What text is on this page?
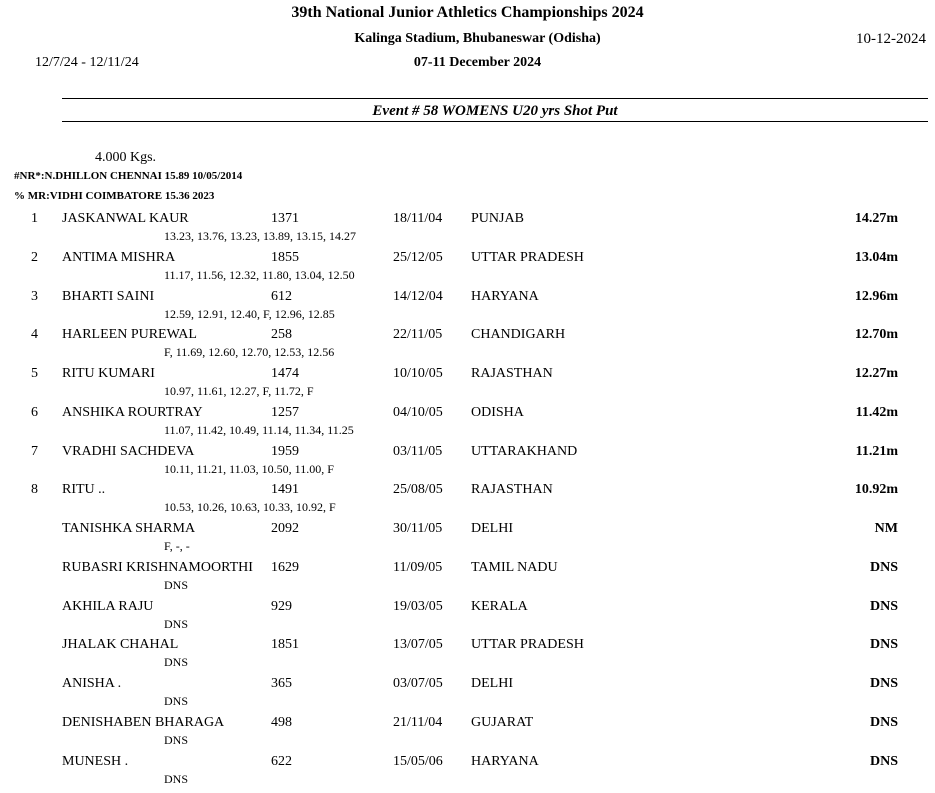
39th National Junior Athletics Championships 2024
Kalinga Stadium, Bhubaneswar (Odisha)	10-12-2024
12/7/24 - 12/11/24	07-11 December 2024
Event # 58 WOMENS U20 yrs Shot Put
4.000 Kgs.
#NR*:N.DHILLON CHENNAI 15.89 10/05/2014
% MR:VIDHI COIMBATORE 15.36 2023
1 JASKANWAL KAUR	1371	18/11/04 PUNJAB	14.27m
13.23, 13.76, 13.23, 13.89, 13.15, 14.27
2 ANTIMA MISHRA	1855	25/12/05 UTTAR PRADESH	13.04m
11.17, 11.56, 12.32, 11.80, 13.04, 12.50
3 BHARTI SAINI	612	14/12/04 HARYANA	12.96m
12.59, 12.91, 12.40, F, 12.96, 12.85
4 HARLEEN PUREWAL	258	22/11/05 CHANDIGARH	12.70m
F, 11.69, 12.60, 12.70, 12.53, 12.56
5 RITU KUMARI	1474	10/10/05 RAJASTHAN	12.27m
10.97, 11.61, 12.27, F, 11.72, F
6 ANSHIKA ROURTRAY	1257	04/10/05 ODISHA	11.42m
11.07, 11.42, 10.49, 11.14, 11.34, 11.25
7 VRADHI SACHDEVA	1959	03/11/05 UTTARAKHAND	11.21m
10.11, 11.21, 11.03, 10.50, 11.00, F
8 RITU ..	1491	25/08/05 RAJASTHAN	10.92m
10.53, 10.26, 10.63, 10.33, 10.92, F
TANISHKA SHARMA	2092	30/11/05 DELHI	NM
F, -, -
RUBASRI KRISHNAMOORTHI 1629	11/09/05 TAMIL NADU	DNS
DNS
AKHILA RAJU	929	19/03/05 KERALA	DNS
DNS
JHALAK CHAHAL	1851	13/07/05 UTTAR PRADESH	DNS
DNS
ANISHA .	365	03/07/05 DELHI	DNS
DNS
DENISHABEN BHARAGA	498	21/11/04 GUJARAT	DNS
DNS
MUNESH .	622	15/05/06 HARYANA	DNS
DNS
